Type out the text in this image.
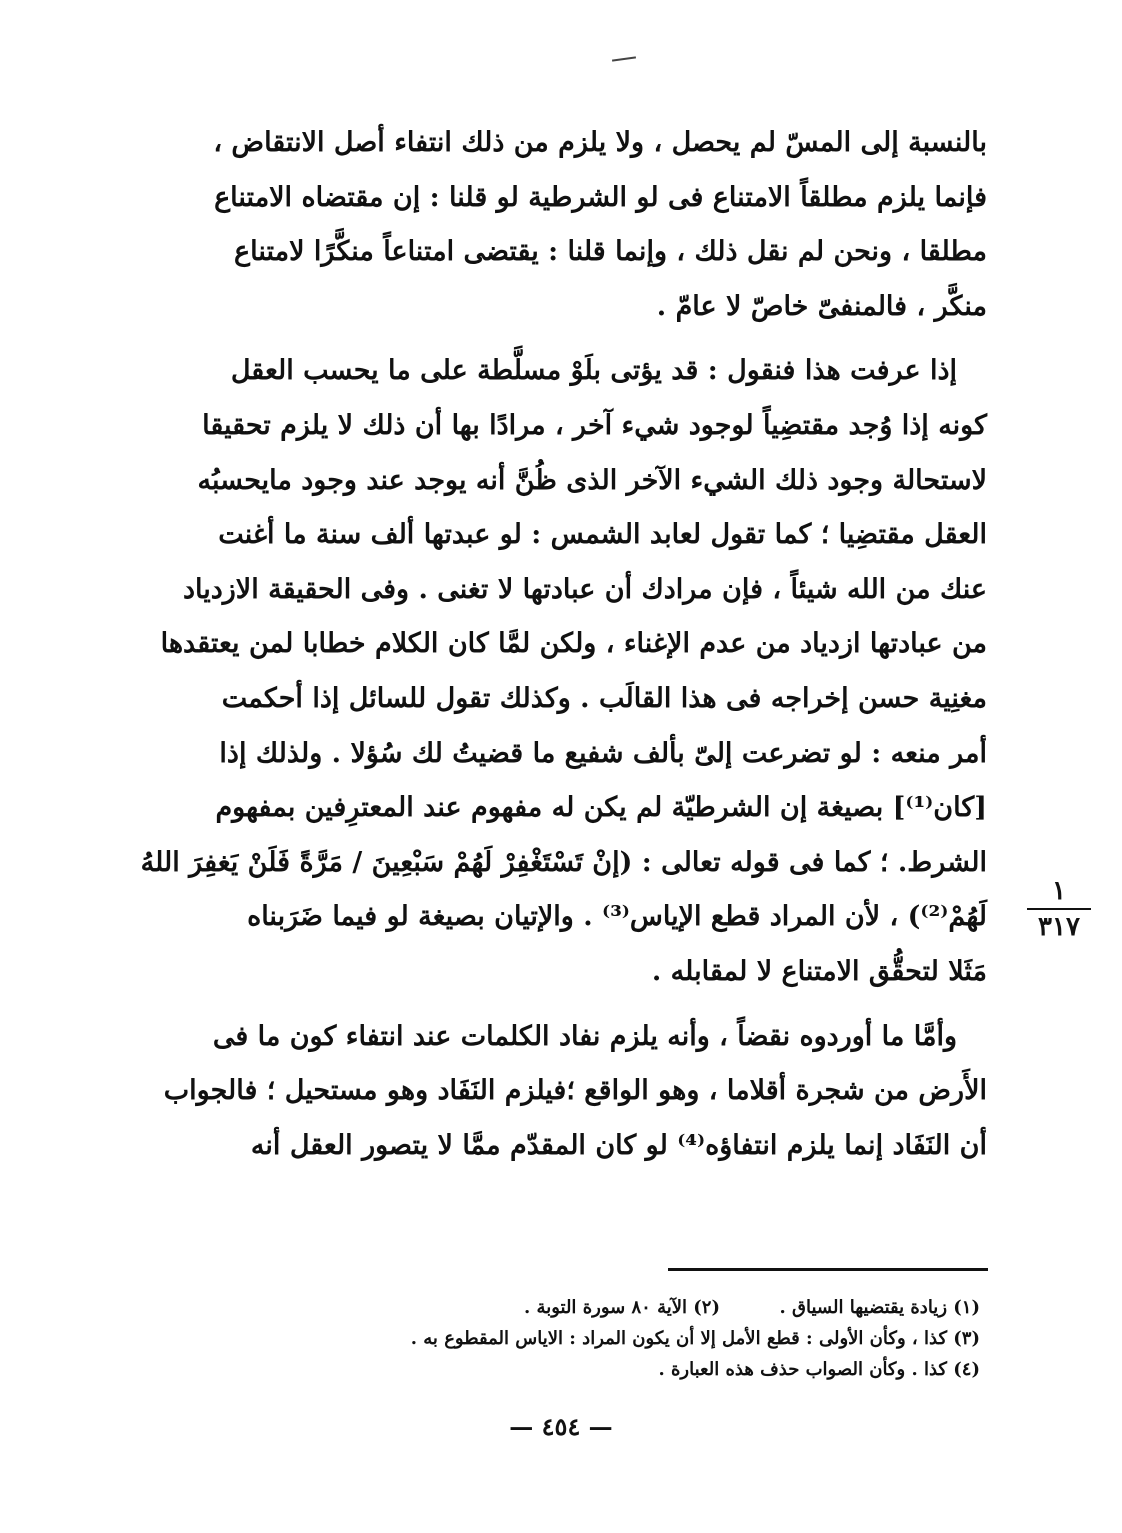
بالنسبة إلى المسّ لم يحصل ، ولا يلزم من ذلك انتفاء أصل الانتقاض ،

فإنما يلزم مطلقاً الامتناع فى لو الشرطية لو قلنا : إن مقتضاه الامتناع

مطلقا ، ونحن لم نقل ذلك ، وإنما قلنا : يقتضى امتناعاً منكَّرًا لامتناع

منكَّر ، فالمنفىّ خاصّ لا عامّ .

إذا عرفت هذا فنقول : قد يؤتى بلَوْ مسلَّطة على ما يحسب العقل

كونه إذا وُجد مقتضِياً لوجود شيء آخر ، مرادًا بها أن ذلك لا يلزم تحقيقا

لاستحالة وجود ذلك الشيء الآخر الذى ظُنَّ أنه يوجد عند وجود مايحسبُه

العقل مقتضِيا ؛ كما تقول لعابد الشمس : لو عبدتها ألف سنة ما أغنت

عنك من الله شيئاً ، فإن مرادك أن عبادتها لا تغنى . وفى الحقيقة الازدياد

من عبادتها ازدياد من عدم الإغناء ، ولكن لمَّا كان الكلام خطابا لمن يعتقدها

مغنِية حسن إخراجه فى هذا القالَب . وكذلك تقول للسائل إذا أحكمت

أمر منعه : لو تضرعت إلىّ بألف شفيع ما قضيتُ لك سُؤلا . ولذلك إذا

[كان⁽¹⁾] بصيغة إن الشرطيّة لم يكن له مفهوم عند المعترِفين بمفهوم

الشرط. ؛ كما فى قوله تعالى : (إنْ تَسْتَغْفِرْ لَهُمْ سَبْعِينَ / مَرَّةً فَلَنْ يَغفِرَ اللهُ

لَهُمْ⁽²⁾) ، لأن المراد قطع الإياس⁽³⁾ . والإتيان بصيغة لو فيما ضَرَبناه

مَثَلا لتحقُّق الامتناع لا لمقابله .

وأمَّا ما أوردوه نقضاً ، وأنه يلزم نفاد الكلمات عند انتفاء كون ما فى

الأَرض من شجرة أقلاما ، وهو الواقع ؛فيلزم النَفَاد وهو مستحيل ؛ فالجواب

أن النَفَاد إنما يلزم انتفاؤه⁽⁴⁾ لو كان المقدّم ممَّا لا يتصور العقل أنه

١
٣١٧
(١) زيادة يقتضيها السياق .
(٢) الآية ٨٠ سورة التوبة .
(٣) كذا ، وكأن الأولى : قطع الأمل إلا أن يكون المراد : الاياس المقطوع به .
(٤) كذا . وكأن الصواب حذف هذه العبارة .
— ٤٥٤ —
